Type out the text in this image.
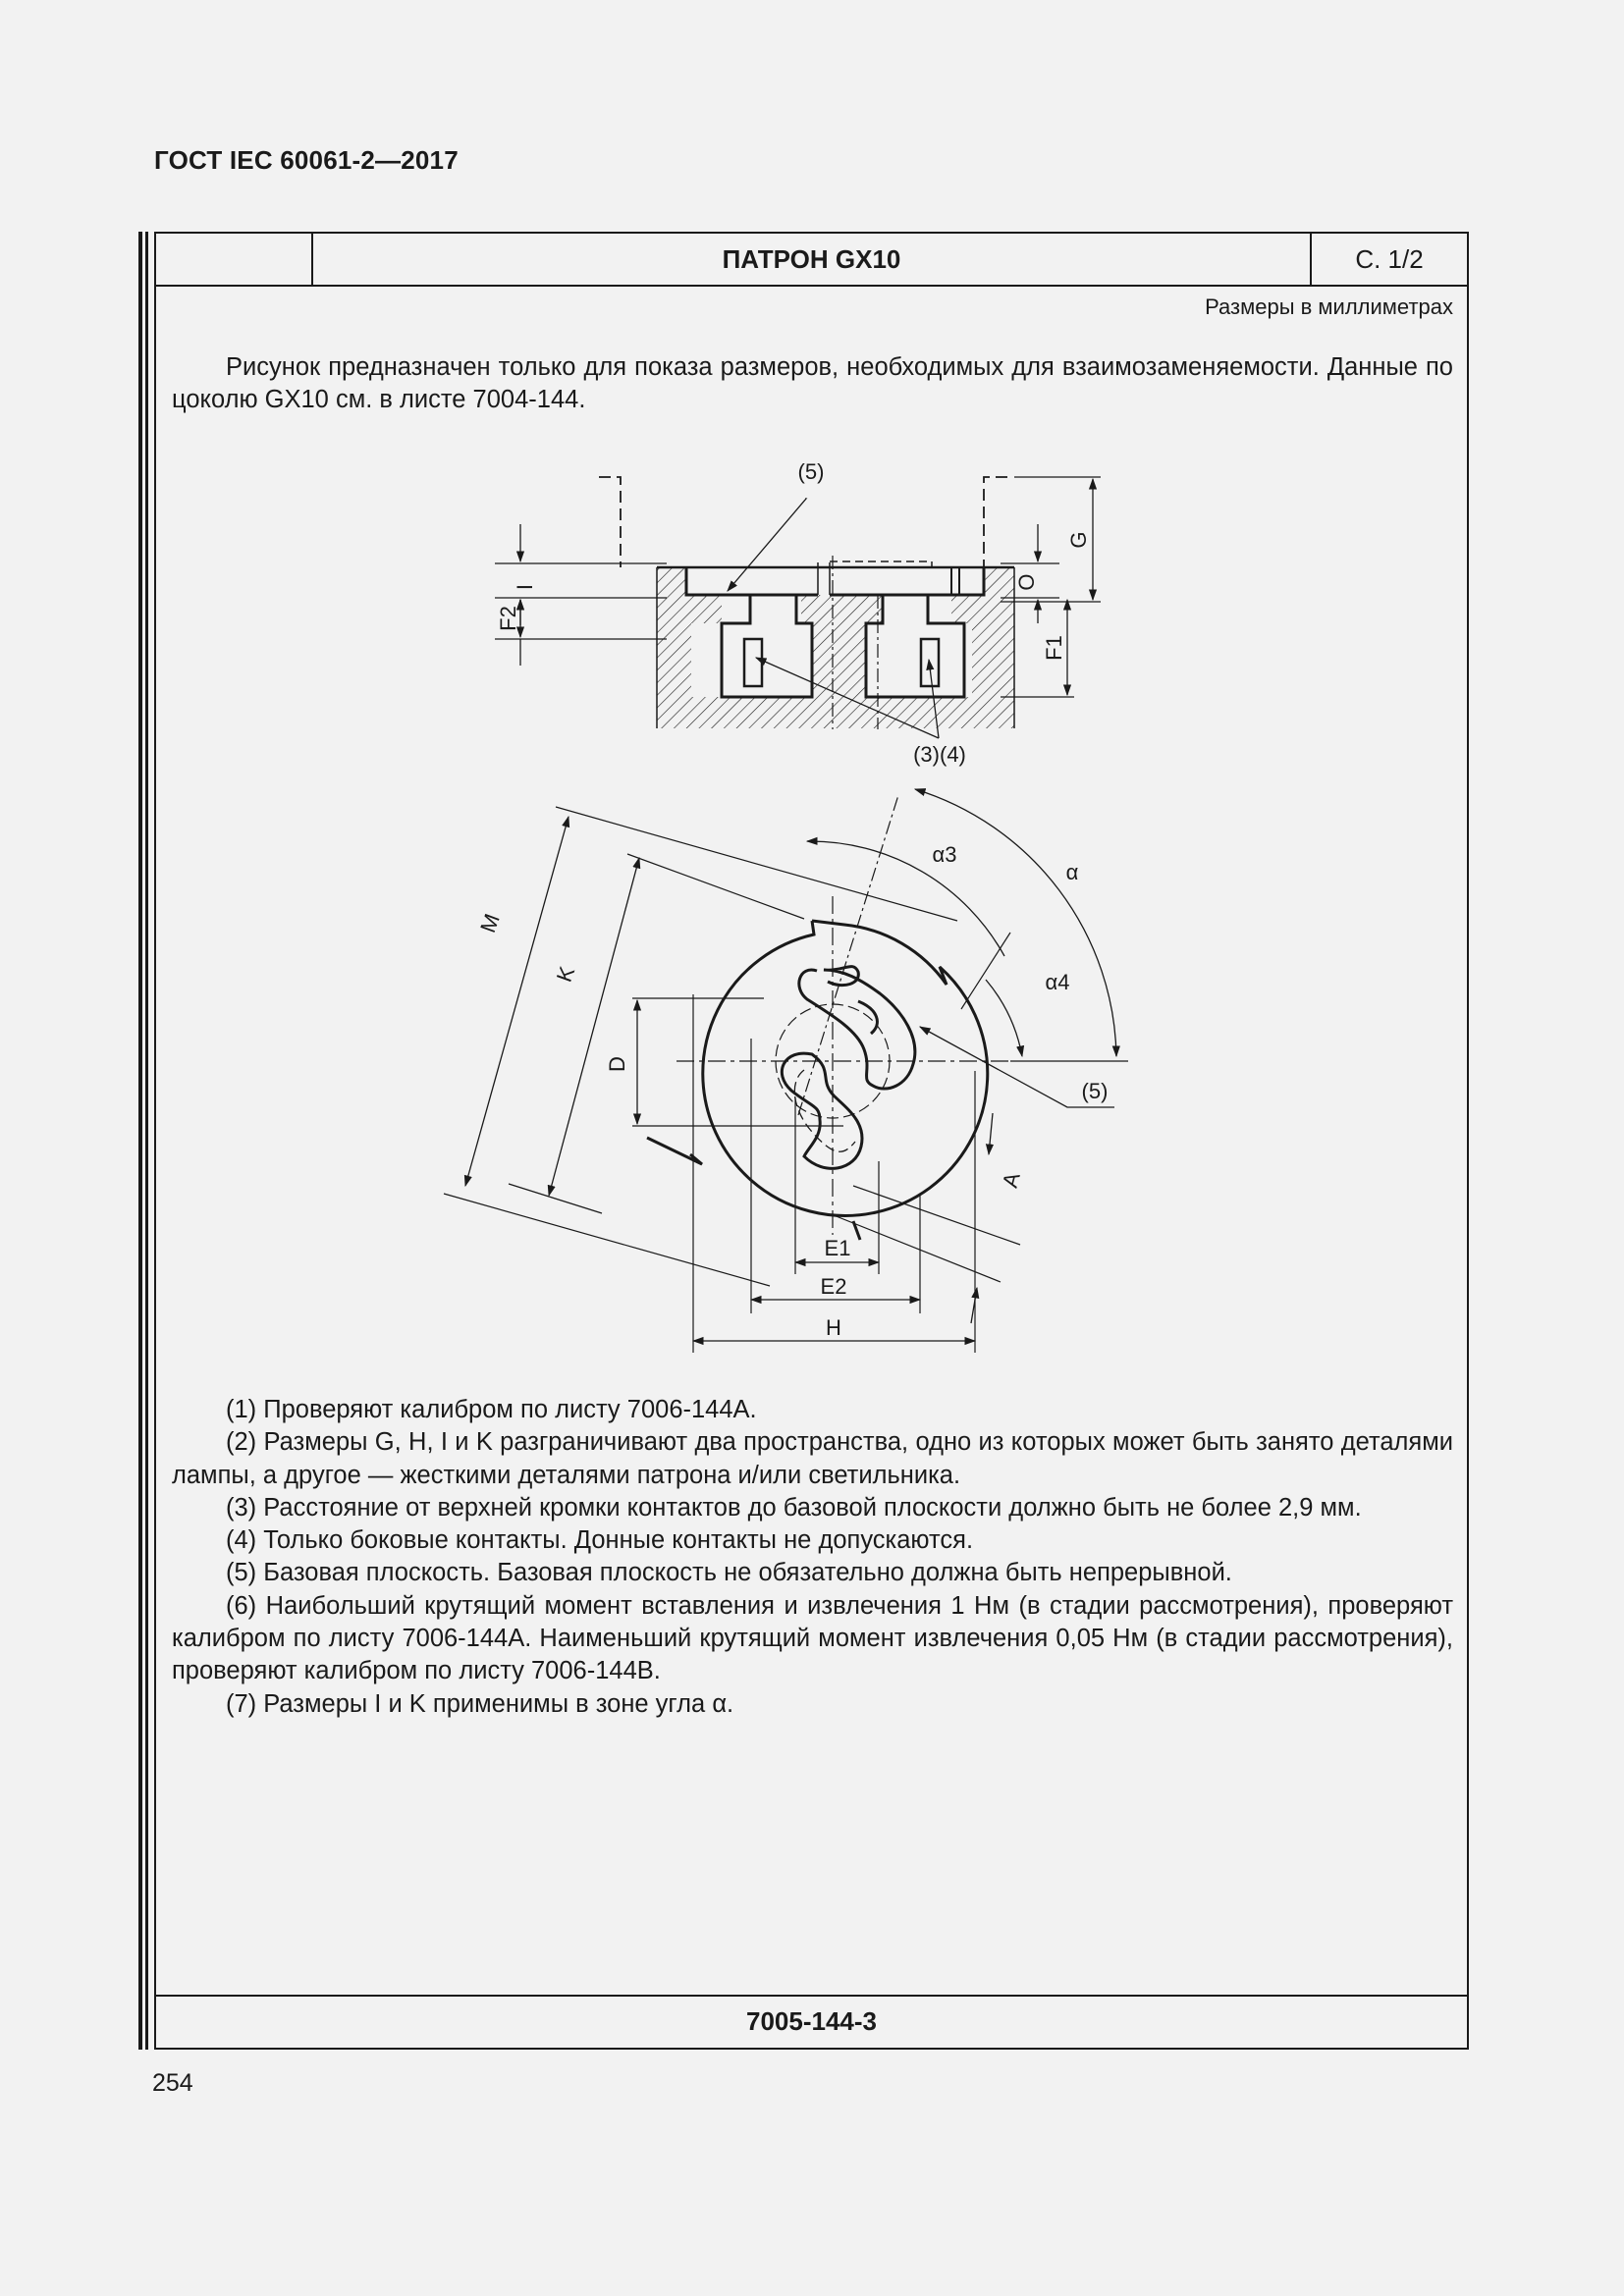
ГОСТ IEC 60061-2—2017
ПАТРОН GX10	С. 1/2
Размеры в миллиметрах

Рисунок предназначен только для показа размеров, необходимых для взаимозаменяемости. Данные по цоколю GX10 см. в листе 7004-144.

(5)
(3)(4)
I
F2
F1
O
G
M
K
D
A
E1
E2
H
α3
α
α4
(5)

(1) Проверяют калибром по листу 7006-144А.

(2) Размеры G, H, I и K разграничивают два пространства, одно из которых может быть занято деталями лампы, а другое — жесткими деталями патрона и/или светильника.

(3) Расстояние от верхней кромки контактов до базовой плоскости должно быть не более 2,9 мм.

(4) Только боковые контакты. Донные контакты не допускаются.

(5) Базовая плоскость. Базовая плоскость не обязательно должна быть непрерывной.

(6) Наибольший крутящий момент вставления и извлечения 1 Нм (в стадии рассмотрения), проверяют калибром по листу 7006-144А. Наименьший крутящий момент извлечения 0,05 Нм (в стадии рассмотрения), проверяют калибром по листу 7006-144В.

(7) Размеры I и K применимы в зоне угла α.

7005-144-3
254
